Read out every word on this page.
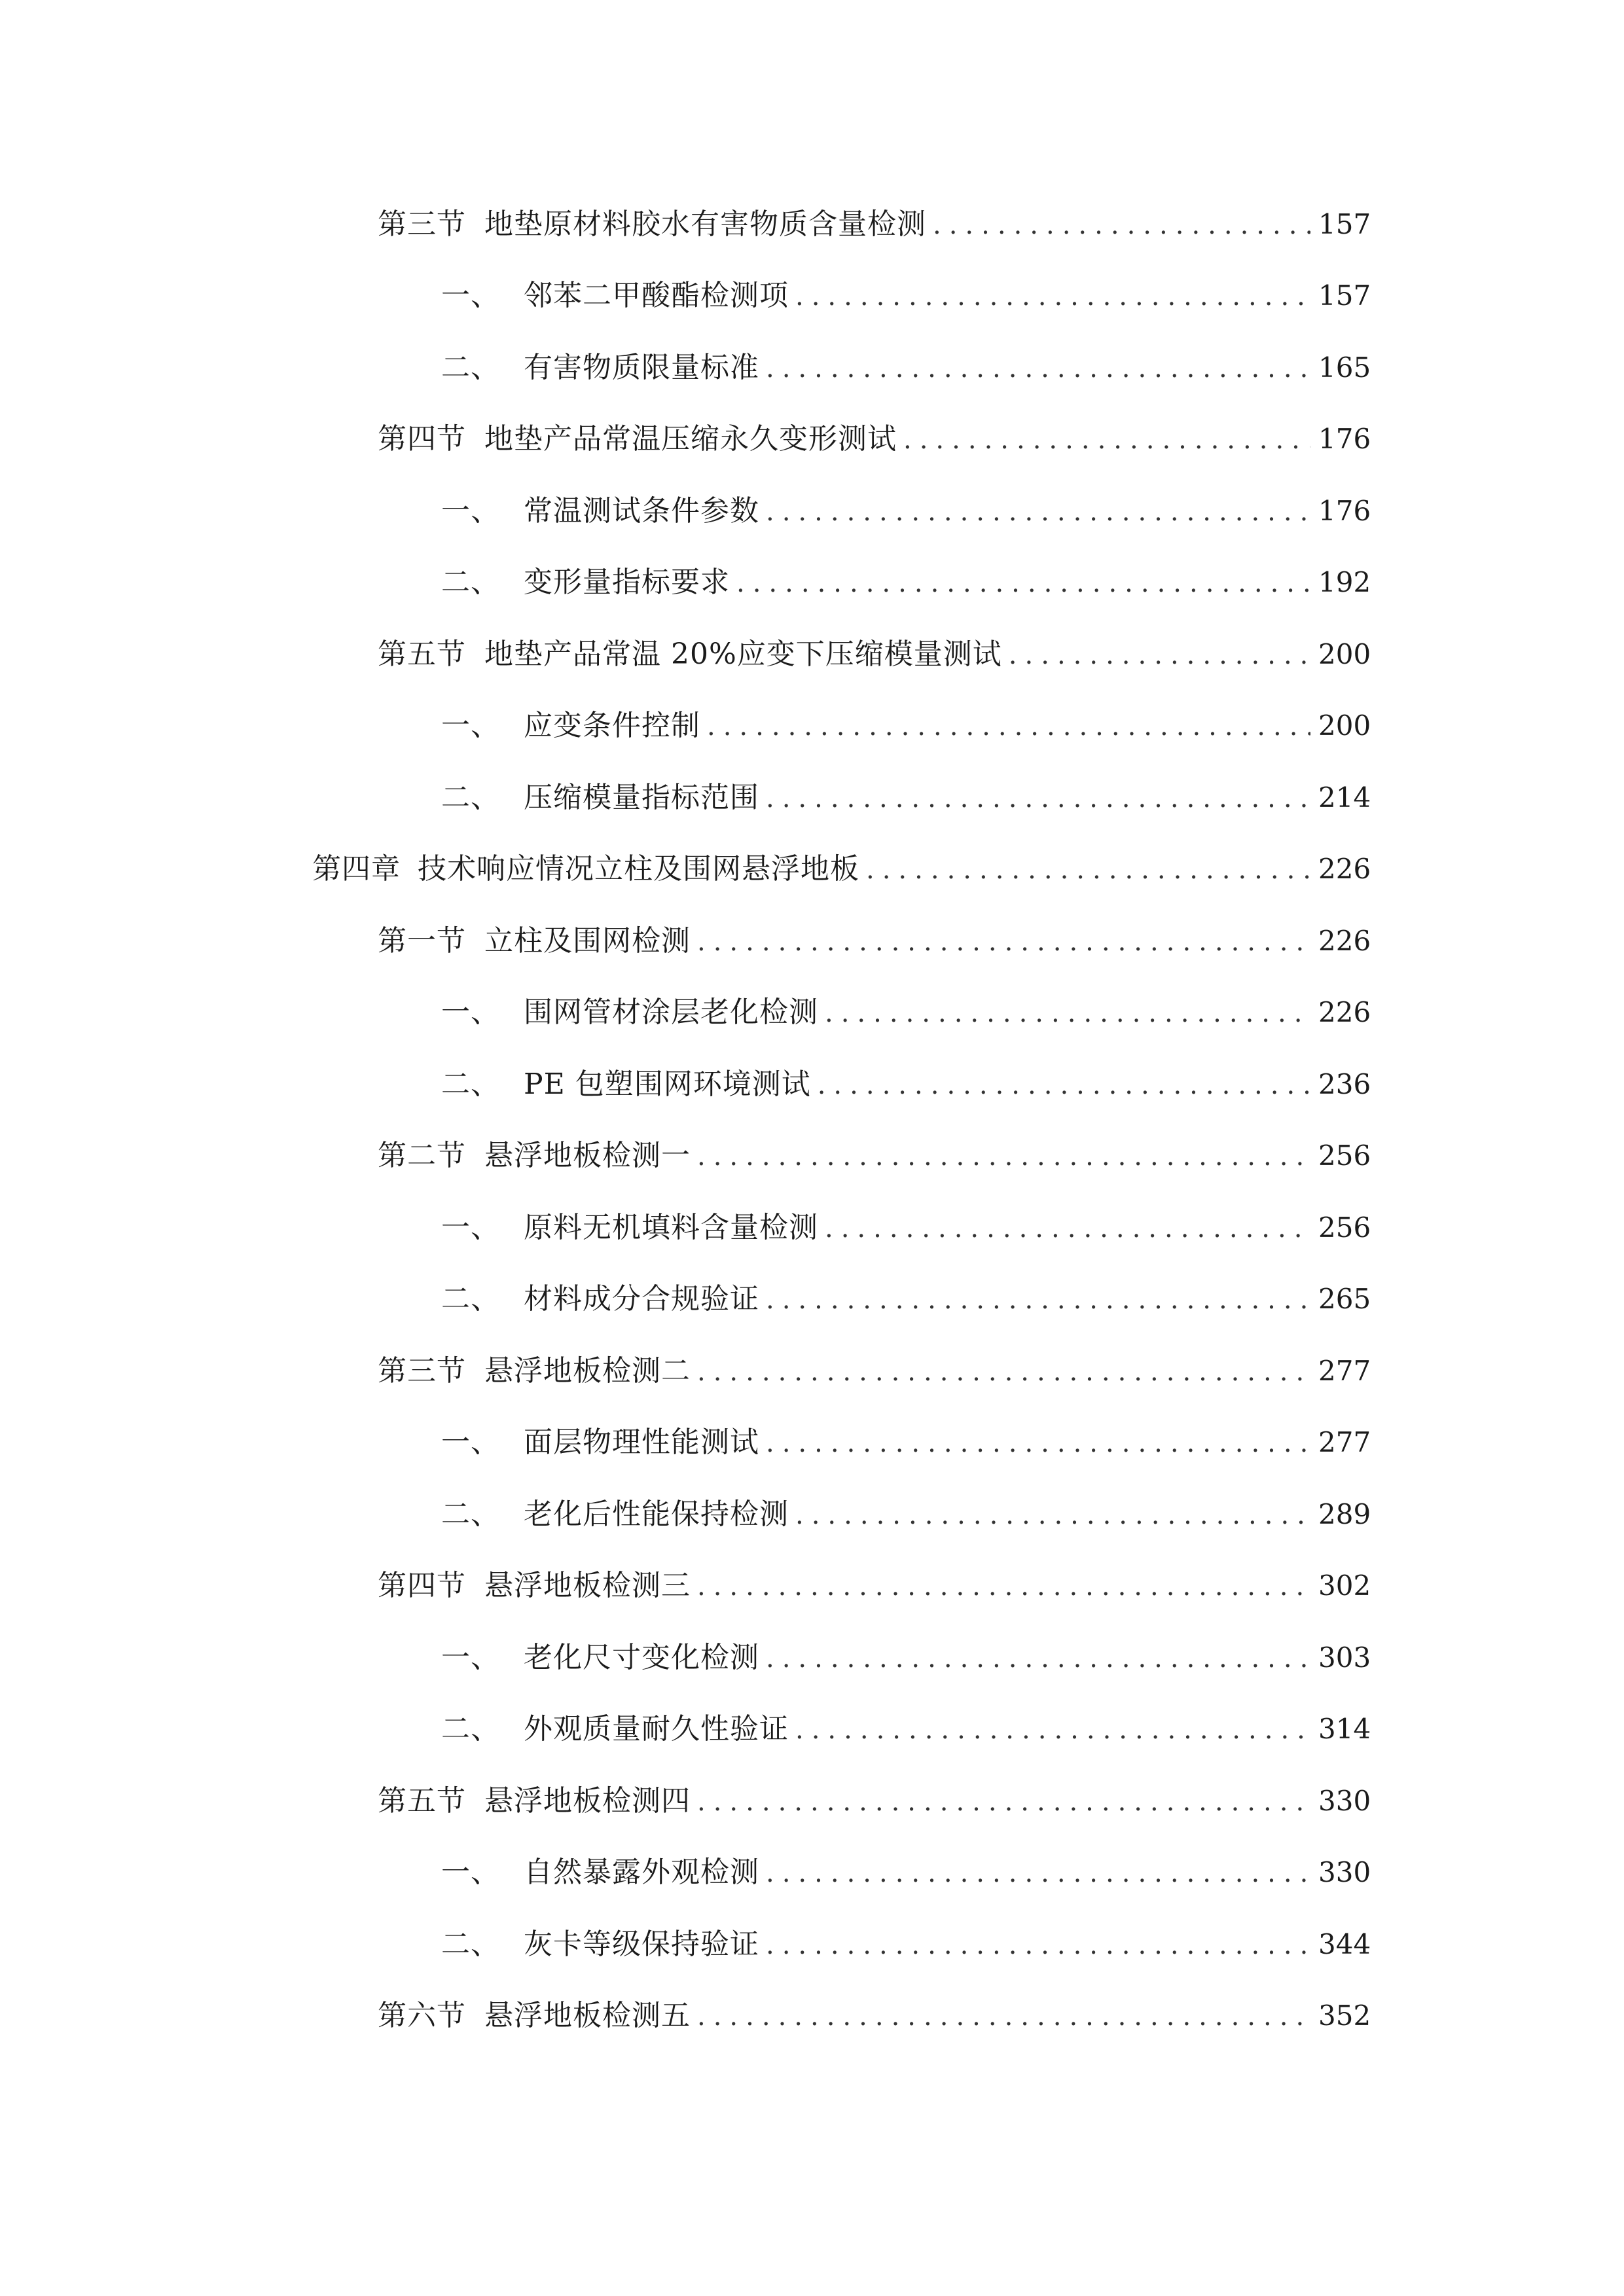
第三节 地垫原材料胶水有害物质含量检测 .....	157
一、 邻苯二甲酸酯检测项 .....	157
二、 有害物质限量标准 .....	165
第四节 地垫产品常温压缩永久变形测试 .....	176
一、 常温测试条件参数 .....	176
二、 变形量指标要求 .....	192
第五节 地垫产品常温 20%应变下压缩模量测试 .....	200
一、 应变条件控制 .....	200
二、 压缩模量指标范围 .....	214
第四章 技术响应情况立柱及围网悬浮地板 .....	226
第一节 立柱及围网检测 .....	226
一、 围网管材涂层老化检测 .....	226
二、 PE 包塑围网环境测试 .....	236
第二节 悬浮地板检测一 .....	256
一、 原料无机填料含量检测 .....	256
二、 材料成分合规验证 .....	265
第三节 悬浮地板检测二 .....	277
一、 面层物理性能测试 .....	277
二、 老化后性能保持检测 .....	289
第四节 悬浮地板检测三 .....	302
一、 老化尺寸变化检测 .....	303
二、 外观质量耐久性验证 .....	314
第五节 悬浮地板检测四 .....	330
一、 自然暴露外观检测 .....	330
二、 灰卡等级保持验证 .....	344
第六节 悬浮地板检测五 .....	352
